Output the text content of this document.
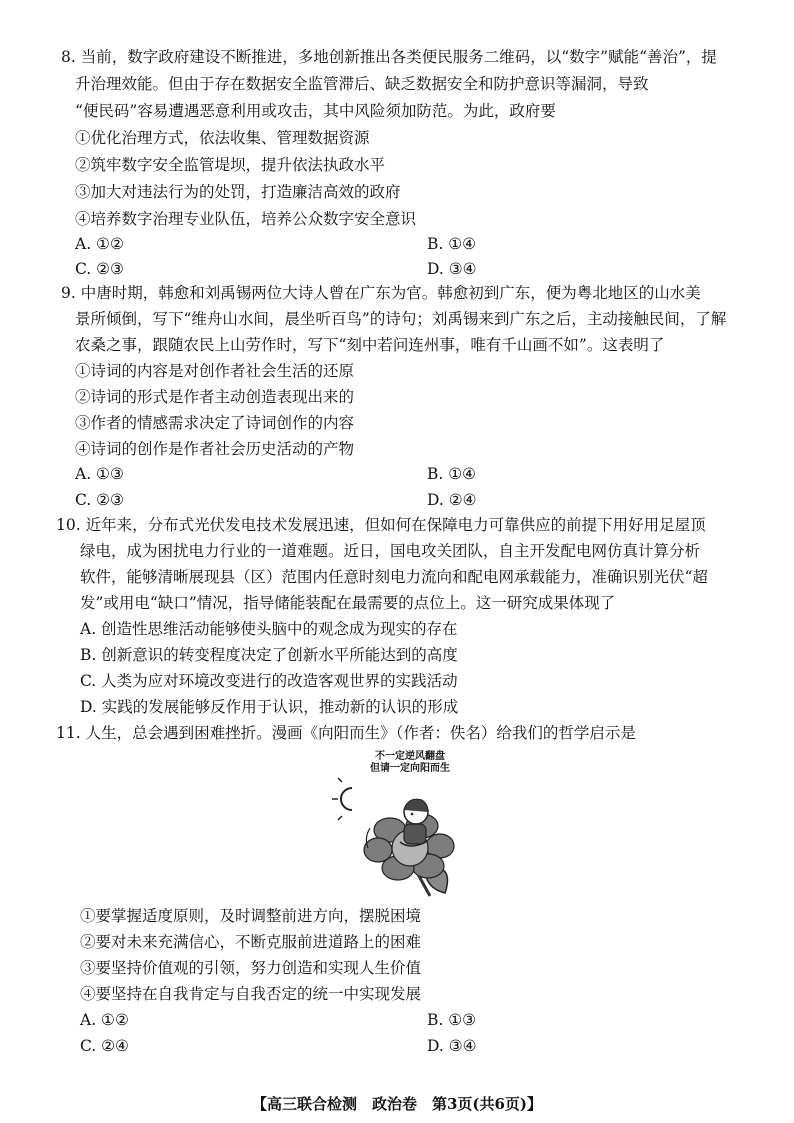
8. 当前，数字政府建设不断推进，多地创新推出各类便民服务二维码，以“数字”赋能“善治”，提
升治理效能。但由于存在数据安全监管滞后、缺乏数据安全和防护意识等漏洞，导致
“便民码”容易遭遇恶意利用或攻击，其中风险须加防范。为此，政府要
①优化治理方式，依法收集、管理数据资源
②筑牢数字安全监管堤坝，提升依法执政水平
③加大对违法行为的处罚，打造廉洁高效的政府
④培养数字治理专业队伍，培养公众数字安全意识
A. ①②	B. ①④
C. ②③	D. ③④
9. 中唐时期，韩愈和刘禹锡两位大诗人曾在广东为官。韩愈初到广东，便为粤北地区的山水美
景所倾倒，写下“维舟山水间，晨坐听百鸟”的诗句；刘禹锡来到广东之后，主动接触民间，了解
农桑之事，跟随农民上山劳作时，写下“刻中若问连州事，唯有千山画不如”。这表明了
①诗词的内容是对创作者社会生活的还原
②诗词的形式是作者主动创造表现出来的
③作者的情感需求决定了诗词创作的内容
④诗词的创作是作者社会历史活动的产物
A. ①③	B. ①④
C. ②③	D. ②④
10. 近年来，分布式光伏发电技术发展迅速，但如何在保障电力可靠供应的前提下用好用足屋顶
绿电，成为困扰电力行业的一道难题。近日，国电攻关团队，自主开发配电网仿真计算分析
软件，能够清晰展现县（区）范围内任意时刻电力流向和配电网承载能力，准确识别光伏“超
发”或用电“缺口”情况，指导储能装配在最需要的点位上。这一研究成果体现了
A. 创造性思维活动能够使头脑中的观念成为现实的存在
B. 创新意识的转变程度决定了创新水平所能达到的高度
C. 人类为应对环境改变进行的改造客观世界的实践活动
D. 实践的发展能够反作用于认识，推动新的认识的形成
11. 人生，总会遇到困难挫折。漫画《向阳而生》（作者：佚名）给我们的哲学启示是
不一定逆风翻盘
但请一定向阳而生
①要掌握适度原则，及时调整前进方向，摆脱困境
②要对未来充满信心，不断克服前进道路上的困难
③要坚持价值观的引领，努力创造和实现人生价值
④要坚持在自我肯定与自我否定的统一中实现发展
A. ①②	B. ①③
C. ②④	D. ③④
【高三联合检测　政治卷　第3页(共6页)】
